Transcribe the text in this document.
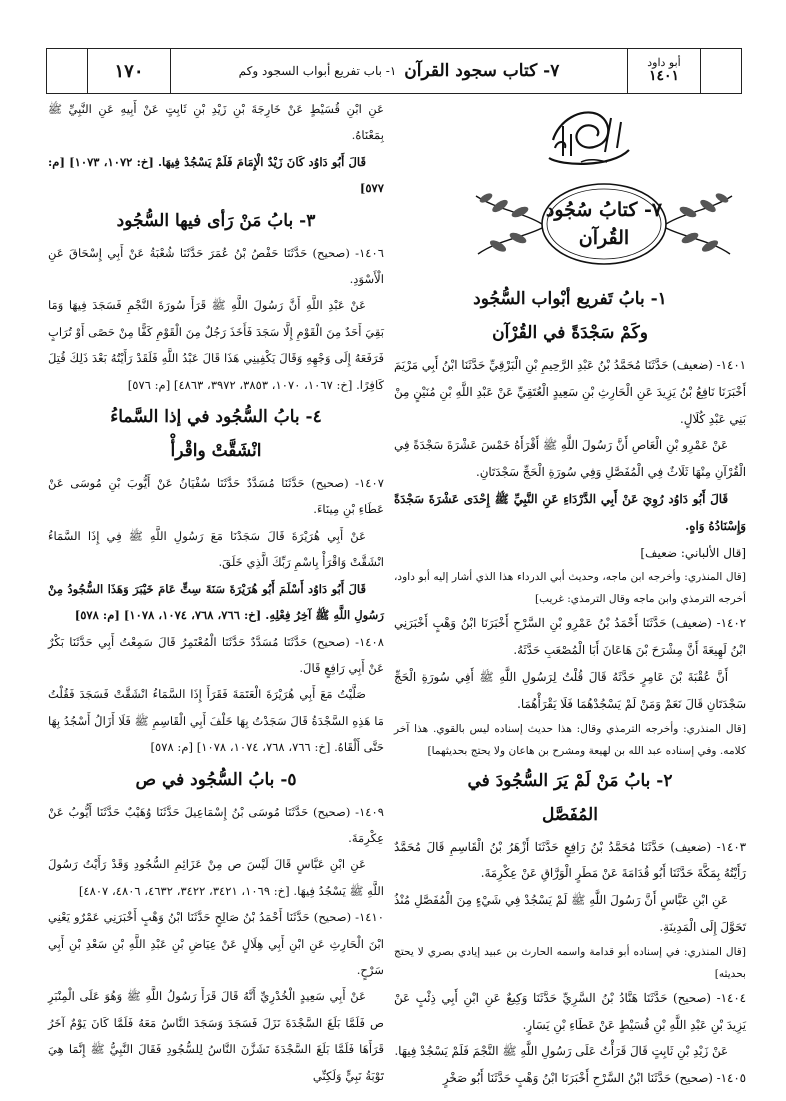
١٧٠	٧- كتاب سجود القرآن
١- باب تفريع أبواب السجود وكم
أبو داود
١٤٠١
٧- كتابُ سُجُود
القُرآن

١- بابُ تَفريع أبْواب السُّجُود

وكَمْ سَجْدَةً في القُرْآن

١٤٠١- (ضعيف) حَدَّثَنَا مُحَمَّدُ بْنُ عَبْدِ الرَّحِيمِ بْنِ الْبَرْقِيِّ حَدَّثَنَا ابْنُ أَبِي مَرْيَمَ أَخْبَرَنَا نَافِعُ بْنُ يَزِيدَ عَنِ الْحَارِثِ بْنِ سَعِيدٍ الْعُتَقِيِّ عَنْ عَبْدِ اللَّهِ بْنِ مُنَيْنٍ مِنْ بَنِي عَبْدِ كُلَالٍ.

عَنْ عَمْرِو بْنِ الْعَاصِ أَنَّ رَسُولَ اللَّهِ ﷺ أَقْرَأَهُ خَمْسَ عَشْرَةَ سَجْدَةً فِي الْقُرْآنِ مِنْهَا ثَلَاثٌ فِي الْمُفَصَّلِ وَفِي سُورَةِ الْحَجِّ سَجْدَتَانِ.

قَالَ أَبُو دَاوُد رُوِيَ عَنْ أَبِي الدَّرْدَاءِ عَنِ النَّبِيِّ ﷺ إِحْدَى عَشْرَةَ سَجْدَةً وَإِسْنَادُهُ وَاهٍ.

[قال الألباني: ضعيف]

[قال المنذري: وأخرجه ابن ماجه، وحديث أبي الدرداء هذا الذي أشار إليه أبو داود، أخرجه الترمذي وابن ماجه وقال الترمذي: غريب]

١٤٠٢- (ضعيف) حَدَّثَنَا أَحْمَدُ بْنُ عَمْرِو بْنِ السَّرْحِ أَخْبَرَنَا ابْنُ وَهْبٍ أَخْبَرَنِي ابْنُ لَهِيعَةَ أَنَّ مِشْرَحَ بْنَ هَاعَانَ أَبَا الْمُصْعَبِ حَدَّثَهُ.

أَنَّ عُقْبَةَ بْنَ عَامِرٍ حَدَّثَهُ قَالَ قُلْتُ لِرَسُولِ اللَّهِ ﷺ أَفِي سُورَةِ الْحَجِّ سَجْدَتَانِ قَالَ نَعَمْ وَمَنْ لَمْ يَسْجُدْهُمَا فَلَا يَقْرَأْهُمَا.

[قال المنذري: وأخرجه الترمذي وقال: هذا حديث إسناده ليس بالقوي. هذا آخر كلامه. وفي إسناده عبد الله بن لهيعة ومشرح بن هاعان ولا يحتج بحديثهما]

٢- بابُ مَنْ لَمْ يَرَ السُّجُودَ في

المُفَصَّل

١٤٠٣- (ضعيف) حَدَّثَنَا مُحَمَّدُ بْنُ رَافِعٍ حَدَّثَنَا أَزْهَرُ بْنُ الْقَاسِمِ قَالَ مُحَمَّدٌ رَأَيْتُهُ بِمَكَّةَ حَدَّثَنَا أَبُو قُدَامَةَ عَنْ مَطَرٍ الْوَرَّاقِ عَنْ عِكْرِمَةَ.

عَنِ ابْنِ عَبَّاسٍ أَنَّ رَسُولَ اللَّهِ ﷺ لَمْ يَسْجُدْ فِي شَيْءٍ مِنَ الْمُفَصَّلِ مُنْذُ تَحَوَّلَ إِلَى الْمَدِينَةِ.

[قال المنذري: في إسناده أبو قدامة واسمه الحارث بن عبيد إيادي بصري لا يحتج بحديثه]

١٤٠٤- (صحيح) حَدَّثَنَا هَنَّادُ بْنُ السَّرِيِّ حَدَّثَنَا وَكِيعٌ عَنِ ابْنِ أَبِي ذِئْبٍ عَنْ يَزِيدَ بْنِ عَبْدِ اللَّهِ بْنِ قُسَيْطٍ عَنْ عَطَاءِ بْنِ يَسَارٍ.

عَنْ زَيْدِ بْنِ ثَابِتٍ قَالَ قَرَأْتُ عَلَى رَسُولِ اللَّهِ ﷺ النَّجْمَ فَلَمْ يَسْجُدْ فِيهَا.

١٤٠٥- (صحيح) حَدَّثَنَا ابْنُ السَّرْحِ أَخْبَرَنَا ابْنُ وَهْبٍ حَدَّثَنَا أَبُو صَخْرٍ

عَنِ ابْنِ قُسَيْطٍ عَنْ خَارِجَةَ بْنِ زَيْدِ بْنِ ثَابِتٍ عَنْ أَبِيهِ عَنِ النَّبِيِّ ﷺ بِمَعْنَاهُ.

قَالَ أَبُو دَاوُد كَانَ زَيْدٌ الْإِمَامَ فَلَمْ يَسْجُدْ فِيهَا. [خ: ١٠٧٢، ١٠٧٣] [م: ٥٧٧]

٣- بابُ مَنْ رَأى فيها السُّجُود

١٤٠٦- (صحيح) حَدَّثَنَا حَفْصُ بْنُ عُمَرَ حَدَّثَنَا شُعْبَةُ عَنْ أَبِي إِسْحَاقَ عَنِ الْأَسْوَدِ.

عَنْ عَبْدِ اللَّهِ أَنَّ رَسُولَ اللَّهِ ﷺ قَرَأَ سُورَةَ النَّجْمِ فَسَجَدَ فِيهَا وَمَا بَقِيَ أَحَدٌ مِنَ الْقَوْمِ إِلَّا سَجَدَ فَأَخَذَ رَجُلٌ مِنَ الْقَوْمِ كَفًّا مِنْ حَصًى أَوْ تُرَابٍ فَرَفَعَهُ إِلَى وَجْهِهِ وَقَالَ يَكْفِينِي هَذَا قَالَ عَبْدُ اللَّهِ فَلَقَدْ رَأَيْتُهُ بَعْدَ ذَلِكَ قُتِلَ كَافِرًا. [خ: ١٠٦٧، ١٠٧٠، ٣٨٥٣، ٣٩٧٢، ٤٨٦٣] [م: ٥٧٦]

٤- بابُ السُّجُود في إذا السَّماءُ

انْشَقَّتْ واقْرأْ

١٤٠٧- (صحيح) حَدَّثَنَا مُسَدَّدٌ حَدَّثَنَا سُفْيَانُ عَنْ أَيُّوبَ بْنِ مُوسَى عَنْ عَطَاءِ بْنِ مِينَاءَ.

عَنْ أَبِي هُرَيْرَةَ قَالَ سَجَدْنَا مَعَ رَسُولِ اللَّهِ ﷺ فِي إِذَا السَّمَاءُ انْشَقَّتْ وَاقْرَأْ بِاسْمِ رَبِّكَ الَّذِي خَلَقَ.

قَالَ أَبُو دَاوُد أَسْلَمَ أَبُو هُرَيْرَةَ سَنَةَ سِتٍّ عَامَ خَيْبَرَ وَهَذَا السُّجُودُ مِنْ رَسُولِ اللَّهِ ﷺ آخِرُ فِعْلِهِ. [خ: ٧٦٦، ٧٦٨، ١٠٧٤، ١٠٧٨] [م: ٥٧٨]

١٤٠٨- (صحيح) حَدَّثَنَا مُسَدَّدٌ حَدَّثَنَا الْمُعْتَمِرُ قَالَ سَمِعْتُ أَبِي حَدَّثَنَا بَكْرٌ عَنْ أَبِي رَافِعٍ قَالَ.

صَلَّيْتُ مَعَ أَبِي هُرَيْرَةَ الْعَتَمَةَ فَقَرَأَ إِذَا السَّمَاءُ انْشَقَّتْ فَسَجَدَ فَقُلْتُ مَا هَذِهِ السَّجْدَةُ قَالَ سَجَدْتُ بِهَا خَلْفَ أَبِي الْقَاسِمِ ﷺ فَلَا أَزَالُ أَسْجُدُ بِهَا حَتَّى أَلْقَاهُ. [خ: ٧٦٦، ٧٦٨، ١٠٧٤، ١٠٧٨] [م: ٥٧٨]

٥- بابُ السُّجُود في ص

١٤٠٩- (صحيح) حَدَّثَنَا مُوسَى بْنُ إِسْمَاعِيلَ حَدَّثَنَا وُهَيْبٌ حَدَّثَنَا أَيُّوبُ عَنْ عِكْرِمَةَ.

عَنِ ابْنِ عَبَّاسٍ قَالَ لَيْسَ ص مِنْ عَزَائِمِ السُّجُودِ وَقَدْ رَأَيْتُ رَسُولَ اللَّهِ ﷺ يَسْجُدُ فِيهَا. [خ: ١٠٦٩، ٣٤٢١، ٣٤٢٢، ٤٦٣٢، ٤٨٠٦، ٤٨٠٧]

١٤١٠- (صحيح) حَدَّثَنَا أَحْمَدُ بْنُ صَالِحٍ حَدَّثَنَا ابْنُ وَهْبٍ أَخْبَرَنِي عَمْرٌو يَعْنِي ابْنَ الْحَارِثِ عَنِ ابْنِ أَبِي هِلَالٍ عَنْ عِيَاضِ بْنِ عَبْدِ اللَّهِ بْنِ سَعْدِ بْنِ أَبِي سَرْحٍ.

عَنْ أَبِي سَعِيدٍ الْخُدْرِيِّ أَنَّهُ قَالَ قَرَأَ رَسُولُ اللَّهِ ﷺ وَهُوَ عَلَى الْمِنْبَرِ ص فَلَمَّا بَلَغَ السَّجْدَةَ نَزَلَ فَسَجَدَ وَسَجَدَ النَّاسُ مَعَهُ فَلَمَّا كَانَ يَوْمٌ آخَرُ قَرَأَهَا فَلَمَّا بَلَغَ السَّجْدَةَ تَشَزَّنَ النَّاسُ لِلسُّجُودِ فَقَالَ النَّبِيُّ ﷺ إِنَّمَا هِيَ تَوْبَةُ نَبِيٍّ وَلَكِنِّي
